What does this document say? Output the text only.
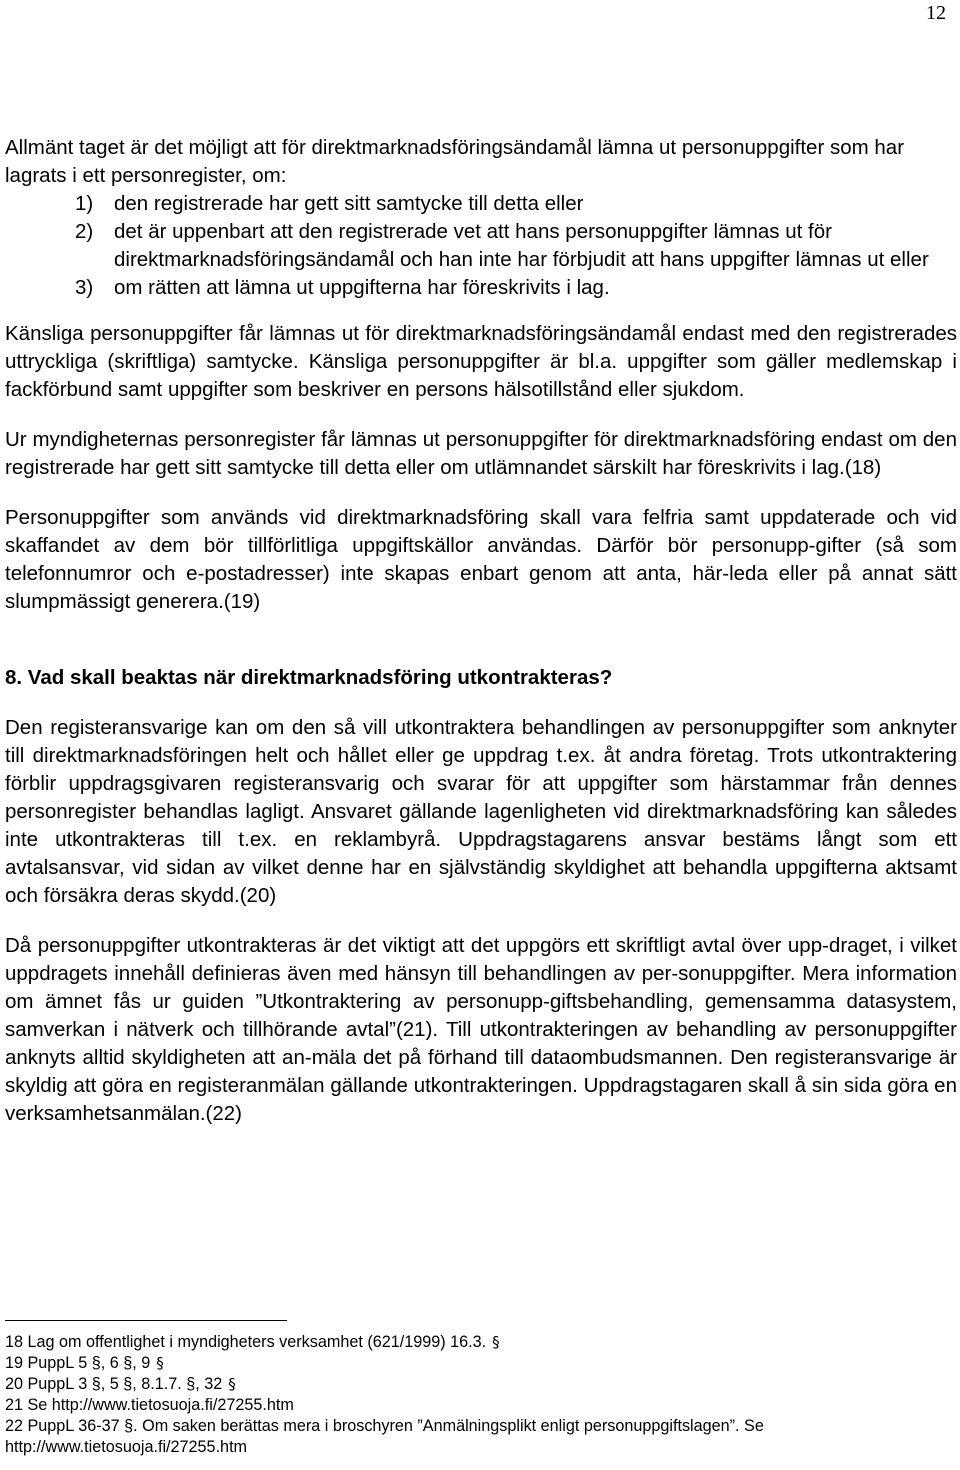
12

Allmänt taget är det möjligt att för direktmarknadsföringsändamål lämna ut personuppgifter som har lagrats i ett personregister, om:

1) den registrerade har gett sitt samtycke till detta eller
2) det är uppenbart att den registrerade vet att hans personuppgifter lämnas ut för direktmarknadsföringsändamål och han inte har förbjudit att hans uppgifter lämnas ut eller
3) om rätten att lämna ut uppgifterna har föreskrivits i lag.

Känsliga personuppgifter får lämnas ut för direktmarknadsföringsändamål endast med den registrerades uttryckliga (skriftliga) samtycke. Känsliga personuppgifter är bl.a. uppgifter som gäller medlemskap i fackförbund samt uppgifter som beskriver en persons hälsotillstånd eller sjukdom.

Ur myndigheternas personregister får lämnas ut personuppgifter för direktmarknadsföring endast om den registrerade har gett sitt samtycke till detta eller om utlämnandet särskilt har föreskrivits i lag.(18)

Personuppgifter som används vid direktmarknadsföring skall vara felfria samt uppdaterade och vid skaffandet av dem bör tillförlitliga uppgiftskällor användas. Därför bör personupp-gifter (så som telefonnumror och e-postadresser) inte skapas enbart genom att anta, här-leda eller på annat sätt slumpmässigt generera.(19)

8. Vad skall beaktas när direktmarknadsföring utkontrakteras?

Den registeransvarige kan om den så vill utkontraktera behandlingen av personuppgifter som anknyter till direktmarknadsföringen helt och hållet eller ge uppdrag t.ex. åt andra företag. Trots utkontraktering förblir uppdragsgivaren registeransvarig och svarar för att uppgifter som härstammar från dennes personregister behandlas lagligt. Ansvaret gällande lagenligheten vid direktmarknadsföring kan således inte utkontrakteras till t.ex. en reklambyrå. Uppdragstagarens ansvar bestäms långt som ett avtalsansvar, vid sidan av vilket denne har en självständig skyldighet att behandla uppgifterna aktsamt och försäkra deras skydd.(20)

Då personuppgifter utkontrakteras är det viktigt att det uppgörs ett skriftligt avtal över upp-draget, i vilket uppdragets innehåll definieras även med hänsyn till behandlingen av per-sonuppgifter. Mera information om ämnet fås ur guiden ”Utkontraktering av personupp-giftsbehandling, gemensamma datasystem, samverkan i nätverk och tillhörande avtal”(21). Till utkontrakteringen av behandling av personuppgifter anknyts alltid skyldigheten att an-mäla det på förhand till dataombudsmannen. Den registeransvarige är skyldig att göra en registeranmälan gällande utkontrakteringen. Uppdragstagaren skall å sin sida göra en verksamhetsanmälan.(22)

18 Lag om offentlighet i myndigheters verksamhet (621/1999) 16.3. §
19 PuppL 5 §, 6 §, 9 §
20 PuppL 3 §, 5 §, 8.1.7. §, 32 §
21 Se http://www.tietosuoja.fi/27255.htm
22 PuppL 36-37 §. Om saken berättas mera i broschyren ”Anmälningsplikt enligt personuppgiftslagen”. Se
http://www.tietosuoja.fi/27255.htm
